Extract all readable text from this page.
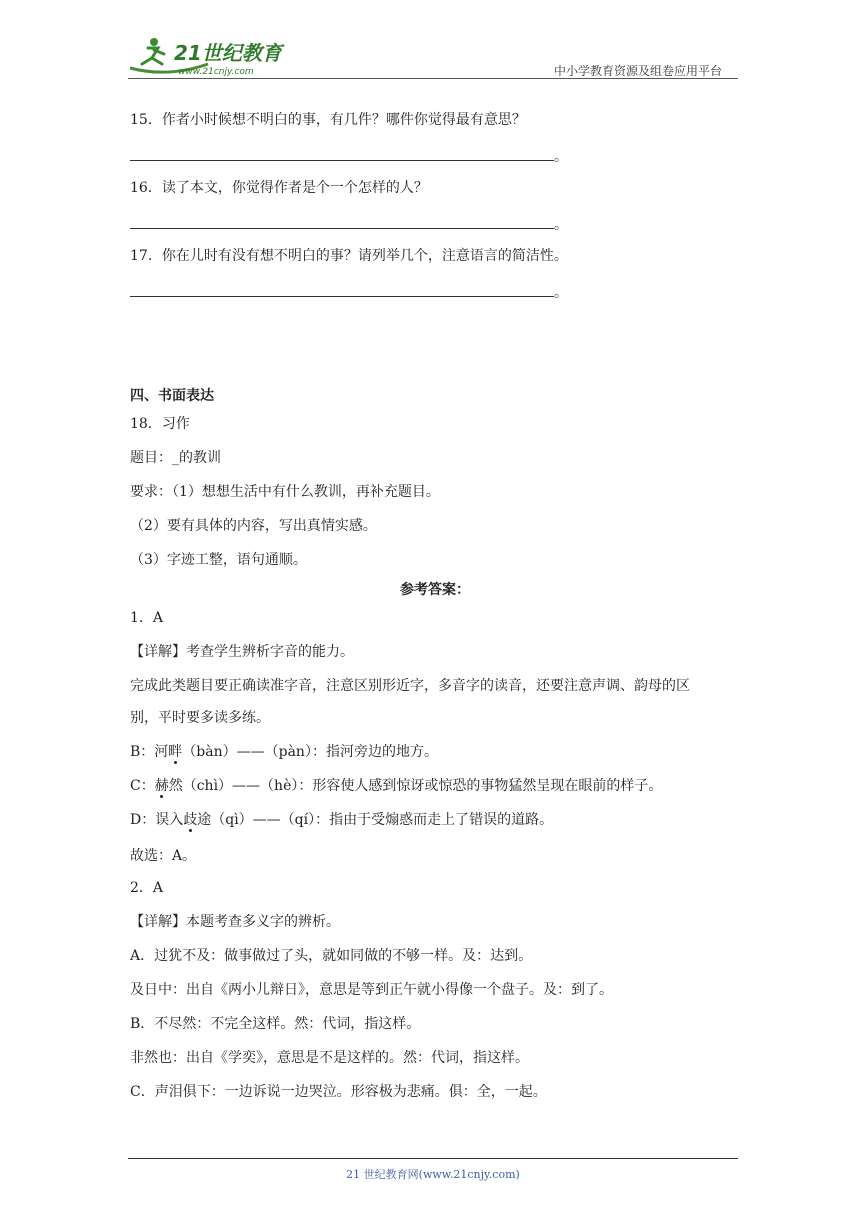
21世纪教育
www.21cnjy.com	中小学教育资源及组卷应用平台
15．作者小时候想不明白的事，有几件？哪件你觉得最有意思？
。
16．读了本文，你觉得作者是个一个怎样的人？
。
17．你在儿时有没有想不明白的事？请列举几个，注意语言的简洁性。
。
四、书面表达
18．习作
题目：_的教训
要求：（1）想想生活中有什么教训，再补充题目。
（2）要有具体的内容，写出真情实感。
（3）字迹工整，语句通顺。
参考答案：
1．A
【详解】考查学生辨析字音的能力。
完成此类题目要正确读准字音，注意区别形近字，多音字的读音，还要注意声调、韵母的区
别，平时要多读多练。
B：河畔（bàn）——（pàn）：指河旁边的地方。
C：赫然（chì）——（hè）：形容使人感到惊讶或惊恐的事物猛然呈现在眼前的样子。
D：误入歧途（qì）——（qí）：指由于受煽惑而走上了错误的道路。
故选：A。
2．A
【详解】本题考查多义字的辨析。
A．过犹不及：做事做过了头，就如同做的不够一样。及：达到。
及日中：出自《两小儿辩日》，意思是等到正午就小得像一个盘子。及：到了。
B．不尽然：不完全这样。然：代词，指这样。
非然也：出自《学奕》，意思是不是这样的。然：代词，指这样。
C．声泪俱下：一边诉说一边哭泣。形容极为悲痛。俱：全，一起。
21 世纪教育网(www.21cnjy.com)
